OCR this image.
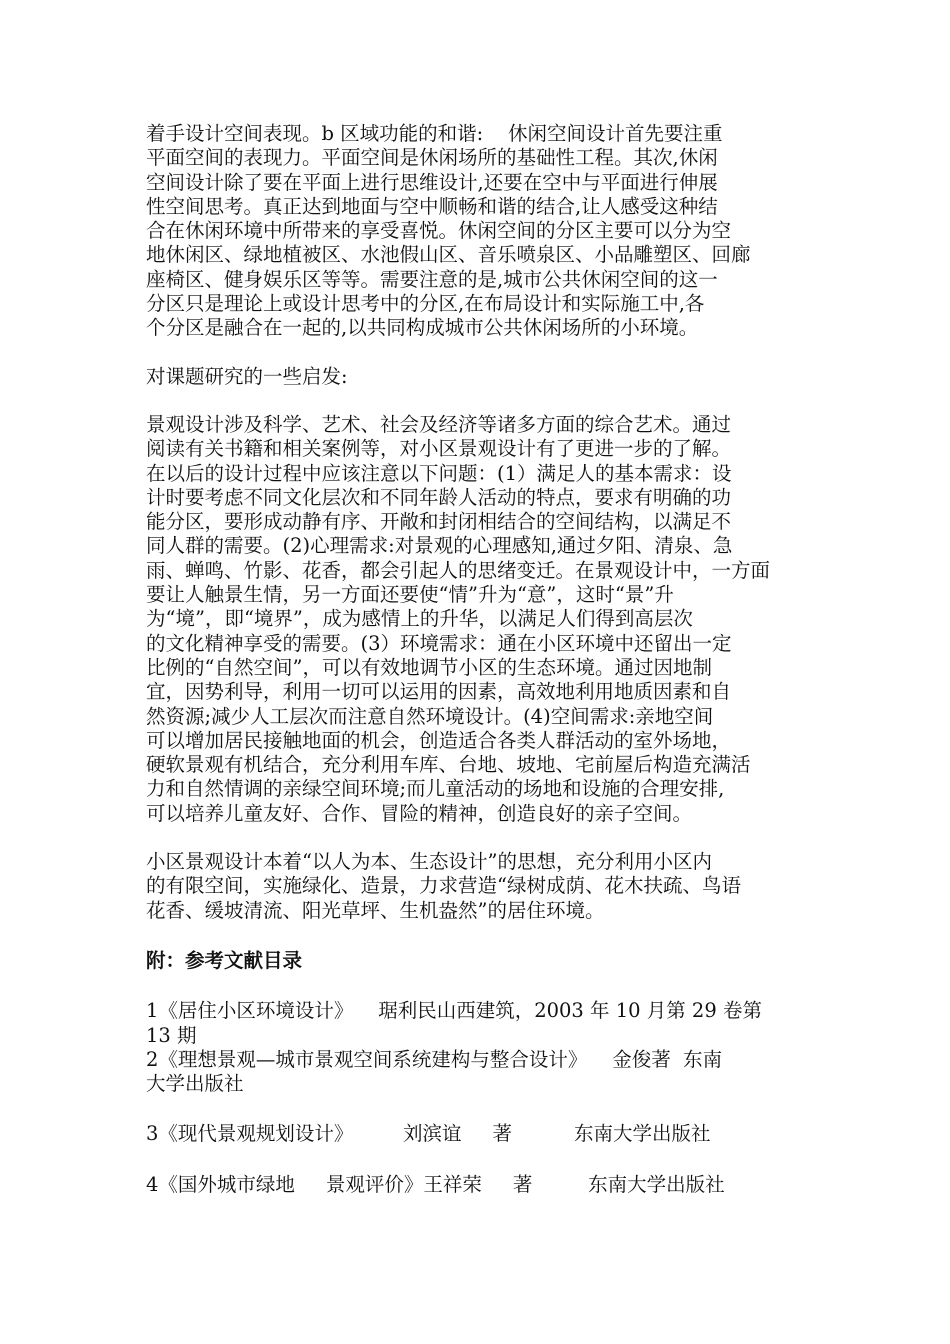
着手设计空间表现。b 区域功能的和谐:    休闲空间设计首先要注重
平面空间的表现力。平面空间是休闲场所的基础性工程。其次,休闲
空间设计除了要在平面上进行思维设计,还要在空中与平面进行伸展
性空间思考。真正达到地面与空中顺畅和谐的结合,让人感受这种结
合在休闲环境中所带来的享受喜悦。休闲空间的分区主要可以分为空
地休闲区、绿地植被区、水池假山区、音乐喷泉区、小品雕塑区、回廊
座椅区、健身娱乐区等等。需要注意的是,城市公共休闲空间的这一
分区只是理论上或设计思考中的分区,在布局设计和实际施工中,各
个分区是融合在一起的,以共同构成城市公共休闲场所的小环境。
对课题研究的一些启发:
景观设计涉及科学、艺术、社会及经济等诸多方面的综合艺术。通过
阅读有关书籍和相关案例等，对小区景观设计有了更进一步的了解。
在以后的设计过程中应该注意以下问题：(1）满足人的基本需求：设
计时要考虑不同文化层次和不同年龄人活动的特点，要求有明确的功
能分区，要形成动静有序、开敞和封闭相结合的空间结构，以满足不
同人群的需要。(2)心理需求:对景观的心理感知,通过夕阳、清泉、急
雨、蝉鸣、竹影、花香，都会引起人的思绪变迁。在景观设计中，一方面
要让人触景生情，另一方面还要使“情”升为“意”，这时“景”升
为“境”，即“境界”，成为感情上的升华，以满足人们得到高层次
的文化精神享受的需要。(3）环境需求：通在小区环境中还留出一定
比例的“自然空间”，可以有效地调节小区的生态环境。通过因地制
宜，因势利导，利用一切可以运用的因素，高效地利用地质因素和自
然资源;减少人工层次而注意自然环境设计。(4)空间需求:亲地空间
可以增加居民接触地面的机会，创造适合各类人群活动的室外场地，
硬软景观有机结合，充分利用车库、台地、坡地、宅前屋后构造充满活
力和自然情调的亲绿空间环境;而儿童活动的场地和设施的合理安排,
可以培养儿童友好、合作、冒险的精神，创造良好的亲子空间。
小区景观设计本着“以人为本、生态设计”的思想，充分利用小区内
的有限空间，实施绿化、造景，力求营造“绿树成荫、花木扶疏、鸟语
花香、缓坡清流、阳光草坪、生机盎然”的居住环境。
附：参考文献目录
1《居住小区环境设计》    琚利民山西建筑，2003 年 10 月第 29 卷第
13 期
2《理想景观—城市景观空间系统建构与整合设计》    金俊著  东南
大学出版社
3《现代景观规划设计》        刘滨谊     著          东南大学出版社
4《国外城市绿地     景观评价》王祥荣     著         东南大学出版社
